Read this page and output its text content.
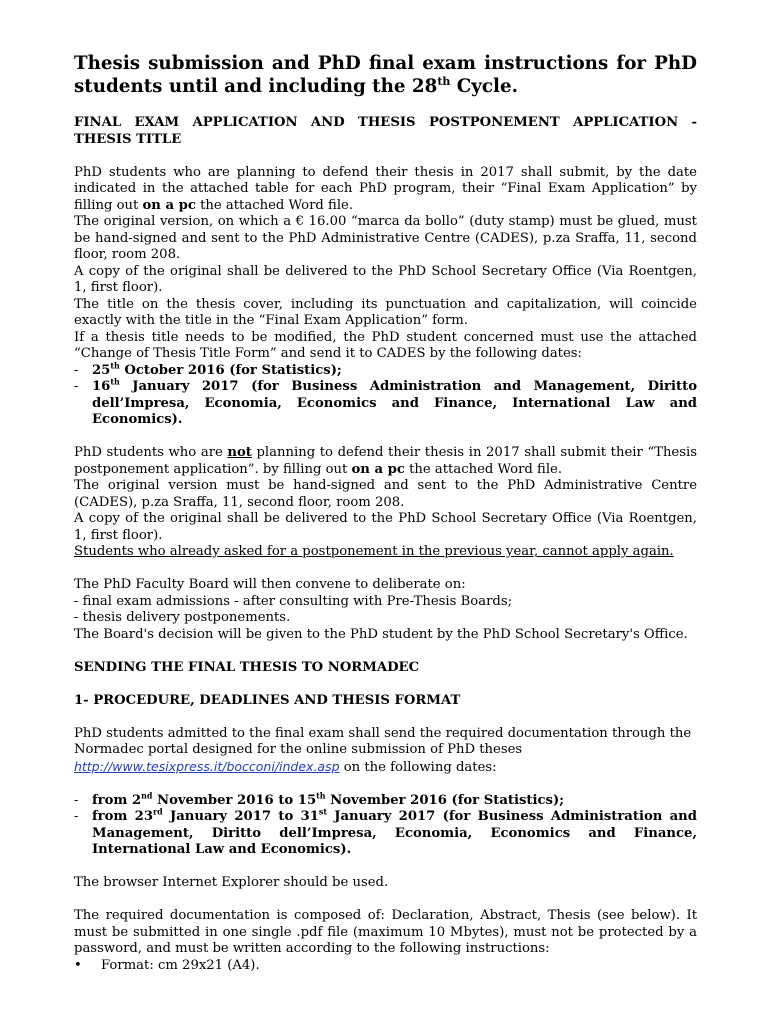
Thesis submission and PhD final exam instructions for PhD students until and including the 28th Cycle.
FINAL EXAM APPLICATION AND THESIS POSTPONEMENT APPLICATION - THESIS TITLE

PhD students who are planning to defend their thesis in 2017 shall submit, by the date indicated in the attached table for each PhD program, their “Final Exam Application” by filling out on a pc the attached Word file.

The original version, on which a € 16.00 “marca da bollo” (duty stamp) must be glued, must be hand-signed and sent to the PhD Administrative Centre (CADES), p.za Sraffa, 11, second floor, room 208.

A copy of the original shall be delivered to the PhD School Secretary Office (Via Roentgen, 1, first floor).

The title on the thesis cover, including its punctuation and capitalization, will coincide exactly with the title in the “Final Exam Application” form.

If a thesis title needs to be modified, the PhD student concerned must use the attached “Change of Thesis Title Form” and send it to CADES by the following dates:

-	25th October 2016 (for Statistics);
-	16th January 2017 (for Business Administration and Management, Diritto dell’Impresa, Economia, Economics and Finance, International Law and Economics).

PhD students who are not planning to defend their thesis in 2017 shall submit their “Thesis postponement application”. by filling out on a pc the attached Word file.

The original version must be hand-signed and sent to the PhD Administrative Centre (CADES), p.za Sraffa, 11, second floor, room 208.

A copy of the original shall be delivered to the PhD School Secretary Office (Via Roentgen, 1, first floor).

Students who already asked for a postponement in the previous year, cannot apply again.

The PhD Faculty Board will then convene to deliberate on:

- final exam admissions - after consulting with Pre-Thesis Boards;

- thesis delivery postponements.

The Board's decision will be given to the PhD student by the PhD School Secretary's Office.

SENDING THE FINAL THESIS TO NORMADEC
1- PROCEDURE, DEADLINES AND THESIS FORMAT

PhD students admitted to the final exam shall send the required documentation through the Normadec portal designed for the online submission of PhD theses
http://www.tesixpress.it/bocconi/index.asp on the following dates:

-	from 2nd November 2016 to 15th November 2016 (for Statistics);
-	from 23rd January 2017 to 31st January 2017 (for Business Administration and Management, Diritto dell’Impresa, Economia, Economics and Finance, International Law and Economics).

The browser Internet Explorer should be used.

The required documentation is composed of: Declaration, Abstract, Thesis (see below). It must be submitted in one single .pdf file (maximum 10 Mbytes), must not be protected by a password, and must be written according to the following instructions:

•	Format: cm 29x21 (A4).
